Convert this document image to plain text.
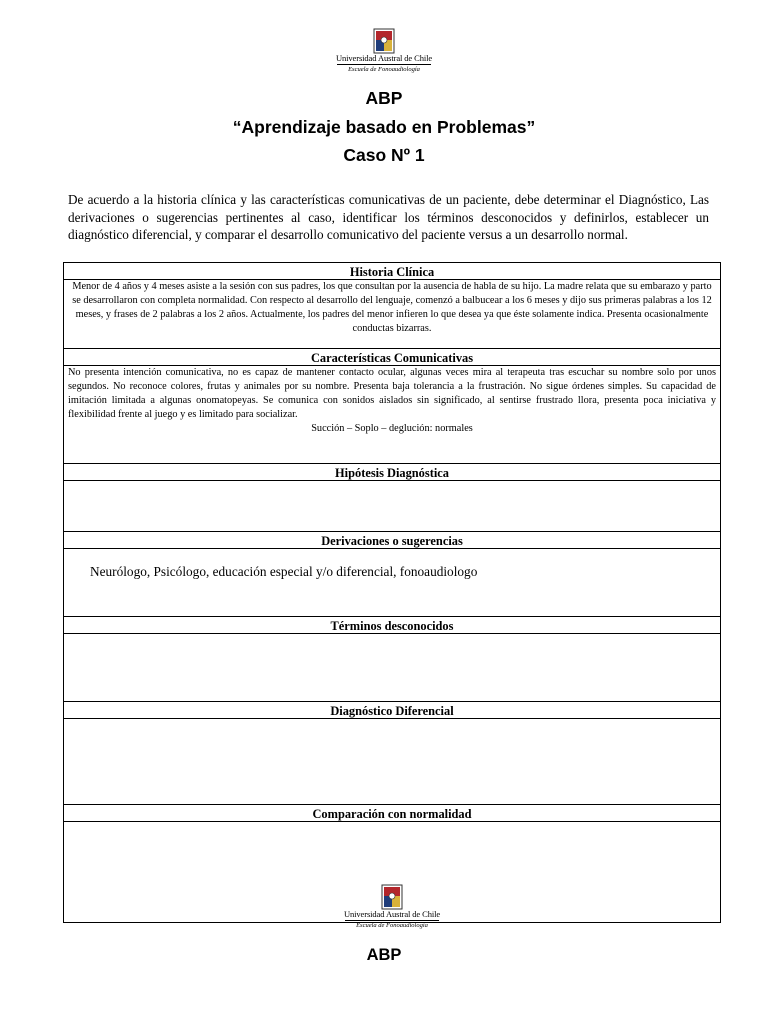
Universidad Austral de Chile
Escuela de Fonoaudiología
ABP
“Aprendizaje basado en Problemas”
Caso Nº 1
De acuerdo a la historia clínica y las características comunicativas de un paciente, debe determinar el Diagnóstico, Las derivaciones o sugerencias pertinentes al caso, identificar los términos desconocidos y definirlos, establecer un diagnóstico diferencial, y comparar el desarrollo comunicativo del paciente versus a un desarrollo normal.
Historia Clínica
Menor de 4 años y 4 meses asiste a la sesión con sus padres, los que consultan por la ausencia de habla de su hijo. La madre relata que su embarazo y parto se desarrollaron con completa normalidad. Con respecto al desarrollo del lenguaje, comenzó a balbucear a los 6 meses y dijo sus primeras palabras a los 12 meses, y frases de 2 palabras a los 2 años. Actualmente, los padres del menor infieren lo que desea ya que éste solamente indica. Presenta ocasionalmente conductas bizarras.
Características Comunicativas

No presenta intención comunicativa, no es capaz de mantener contacto ocular, algunas veces mira al terapeuta tras escuchar su nombre solo por unos segundos. No reconoce colores, frutas y animales por su nombre. Presenta baja tolerancia a la frustración. No sigue órdenes simples. Su capacidad de imitación limitada a algunas onomatopeyas. Se comunica con sonidos aislados sin significado, al sentirse frustrado llora, presenta poca iniciativa y flexibilidad frente al juego y es limitado para socializar.
Succión – Soplo – deglución: normales

Hipótesis Diagnóstica

Derivaciones o sugerencias
Neurólogo, Psicólogo, educación especial y/o diferencial, fonoaudiologo
Términos desconocidos

Diagnóstico Diferencial

Comparación con normalidad

Universidad Austral de Chile
Escuela de Fonoaudiología
ABP
